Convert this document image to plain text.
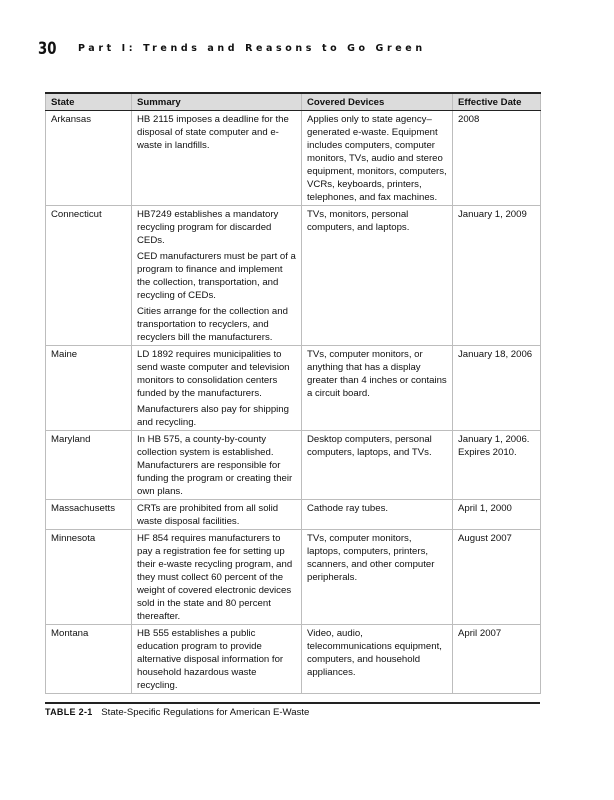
30 Part I: Trends and Reasons to Go Green
State	Summary	Covered Devices	Effective Date
Arkansas	HB 2115 imposes a deadline for the disposal of state computer and e-waste in landfills.	Applies only to state agency–generated e-waste. Equipment includes computers, computer monitors, TVs, audio and stereo equipment, monitors, computers, VCRs, keyboards, printers, telephones, and fax machines.	2008
Connecticut	HB7249 establishes a mandatory recycling program for discarded CEDs.

CED manufacturers must be part of a program to finance and implement the collection, transportation, and recycling of CEDs.

Cities arrange for the collection and transportation to recyclers, and recyclers bill the manufacturers.	TVs, monitors, personal computers, and laptops.	January 1, 2009
Maine	LD 1892 requires municipalities to send waste computer and television monitors to consolidation centers funded by the manufacturers.

Manufacturers also pay for shipping and recycling.	TVs, computer monitors, or anything that has a display greater than 4 inches or contains a circuit board.	January 18, 2006
Maryland	In HB 575, a county-by-county collection system is established. Manufacturers are responsible for funding the program or creating their own plans.	Desktop computers, personal computers, laptops, and TVs.	January 1, 2006. Expires 2010.
Massachusetts	CRTs are prohibited from all solid waste disposal facilities.	Cathode ray tubes.	April 1, 2000
Minnesota	HF 854 requires manufacturers to pay a registration fee for setting up their e-waste recycling program, and they must collect 60 percent of the weight of covered electronic devices sold in the state and 80 percent thereafter.	TVs, computer monitors, laptops, computers, printers, scanners, and other computer peripherals.	August 2007
Montana	HB 555 establishes a public education program to provide alternative disposal information for household hazardous waste recycling.	Video, audio, telecommunications equipment, computers, and household appliances.	April 2007
TABLE 2-1 State-Specific Regulations for American E-Waste
